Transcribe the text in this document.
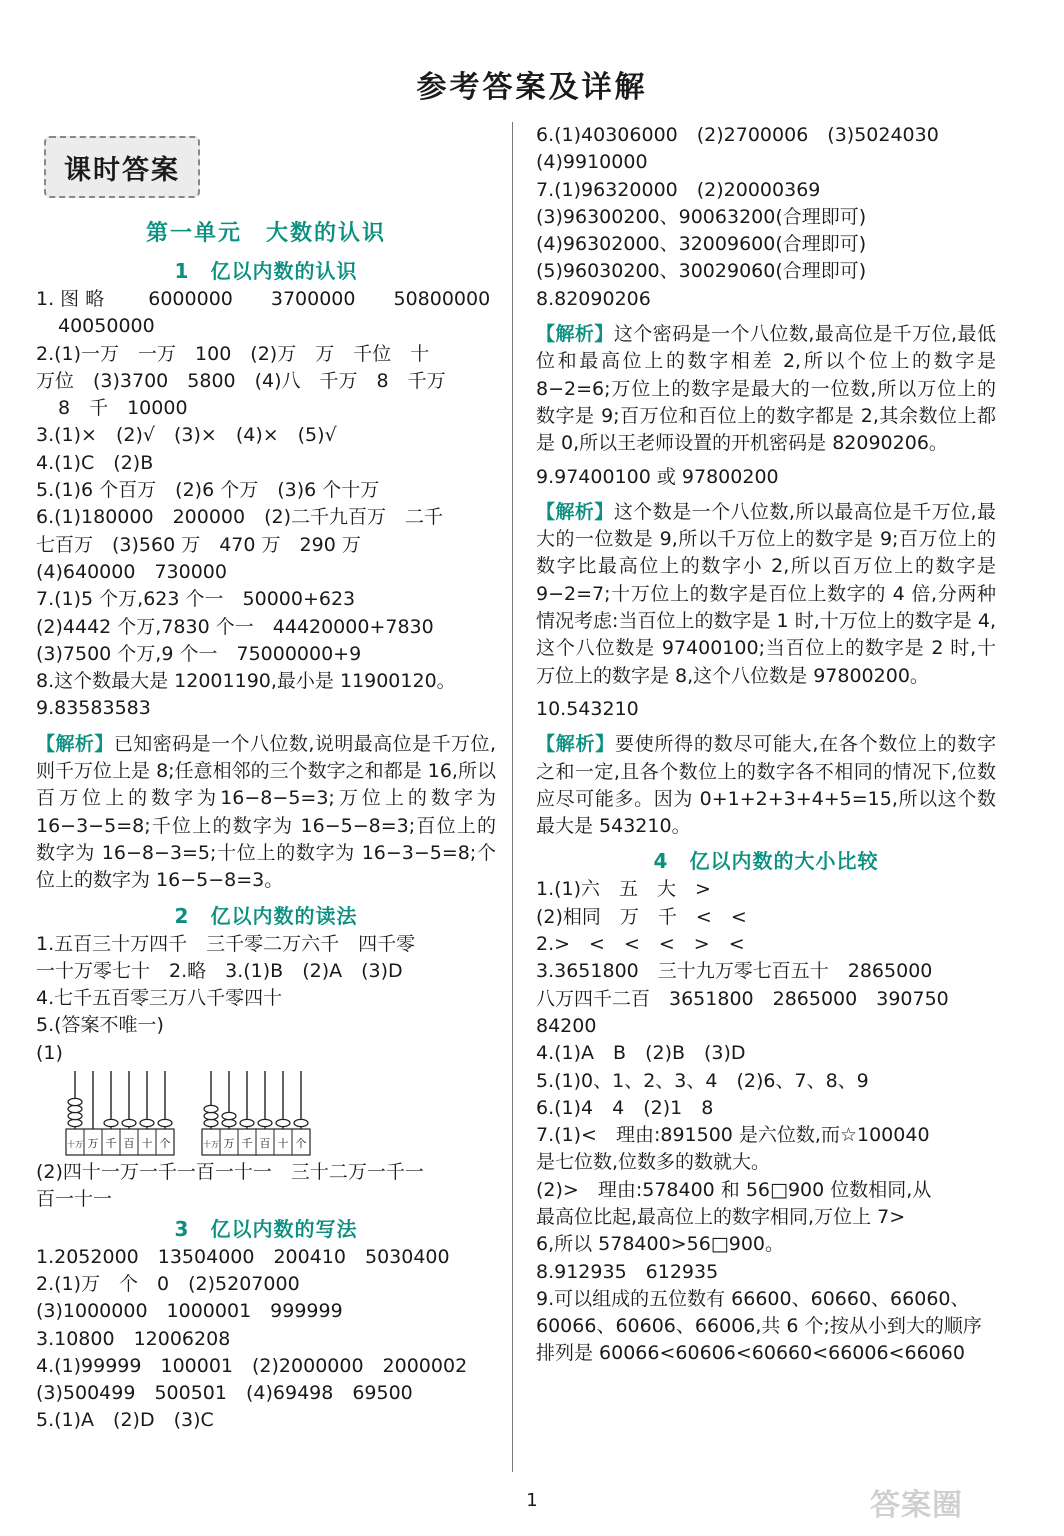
参考答案及详解
课时答案
第一单元　大数的认识
1　亿以内数的认识
1. 图 略　　 6000000　　3700000　　50800000
40050000
2.(1)一万　一万　100　(2)万　万　千位　十
万位　(3)3700　5800　(4)八　千万　8　千万
8　千　10000
3.(1)×　(2)√　(3)×　(4)×　(5)√
4.(1)C　(2)B
5.(1)6 个百万　(2)6 个万　(3)6 个十万
6.(1)180000　200000　(2)二千九百万　二千
七百万　(3)560 万　470 万　290 万
(4)640000　730000
7.(1)5 个万,623 个一　50000+623
(2)4442 个万,7830 个一　44420000+7830
(3)7500 个万,9 个一　75000000+9
8.这个数最大是 12001190,最小是 11900120。
9.83583583
【解析】已知密码是一个八位数,说明最高位是千万位,则千万位上是 8;任意相邻的三个数字之和都是 16,所以百万位上的数字为16−8−5=3;万位上的数字为 16−3−5=8;千位上的数字为 16−5−8=3;百位上的数字为 16−8−3=5;十位上的数字为 16−3−5=8;个位上的数字为 16−5−8=3。
2　亿以内数的读法
1.五百三十万四千　三千零二万六千　四千零
一十万零七十　2.略　3.(1)B　(2)A　(3)D
4.七千五百零三万八千零四十
5.(答案不唯一)
(1)
十万 万 千 百 十 个	十万 万 千 百 十 个
(2)四十一万一千一百一十一　三十二万一千一
百一十一
3　亿以内数的写法
1.2052000　13504000　200410　5030400
2.(1)万　个　0　(2)5207000
(3)1000000　1000001　999999
3.10800　12006208
4.(1)99999　100001　(2)2000000　2000002
(3)500499　500501　(4)69498　69500
5.(1)A　(2)D　(3)C
6.(1)40306000　(2)2700006　(3)5024030
(4)9910000
7.(1)96320000　(2)20000369
(3)96300200、90063200(合理即可)
(4)96302000、32009600(合理即可)
(5)96030200、30029060(合理即可)
8.82090206
【解析】这个密码是一个八位数,最高位是千万位,最低位和最高位上的数字相差 2,所以个位上的数字是 8−2=6;万位上的数字是最大的一位数,所以万位上的数字是 9;百万位和百位上的数字都是 2,其余数位上都是 0,所以王老师设置的开机密码是 82090206。
9.97400100 或 97800200
【解析】这个数是一个八位数,所以最高位是千万位,最大的一位数是 9,所以千万位上的数字是 9;百万位上的数字比最高位上的数字小 2,所以百万位上的数字是 9−2=7;十万位上的数字是百位上数字的 4 倍,分两种情况考虑:当百位上的数字是 1 时,十万位上的数字是 4,这个八位数是 97400100;当百位上的数字是 2 时,十万位上的数字是 8,这个八位数是 97800200。
10.543210
【解析】要使所得的数尽可能大,在各个数位上的数字之和一定,且各个数位上的数字各不相同的情况下,位数应尽可能多。因为 0+1+2+3+4+5=15,所以这个数最大是 543210。
4　亿以内数的大小比较
1.(1)六　五　大　>
(2)相同　万　千　<　<
2.>　<　<　<　>　<
3.3651800　三十九万零七百五十　2865000
八万四千二百　3651800　2865000　390750
84200
4.(1)A　B　(2)B　(3)D
5.(1)0、1、2、3、4　(2)6、7、8、9
6.(1)4　4　(2)1　8
7.(1)<　理由:891500 是六位数,而☆100040
是七位数,位数多的数就大。
(2)>　理由:578400 和 56□900 位数相同,从
最高位比起,最高位上的数字相同,万位上 7>
6,所以 578400>56□900。
8.912935　612935
9.可以组成的五位数有 66600、60660、66060、
60066、60606、66006,共 6 个;按从小到大的顺序
排列是 60066<60606<60660<66006<66060
1	答案圈
